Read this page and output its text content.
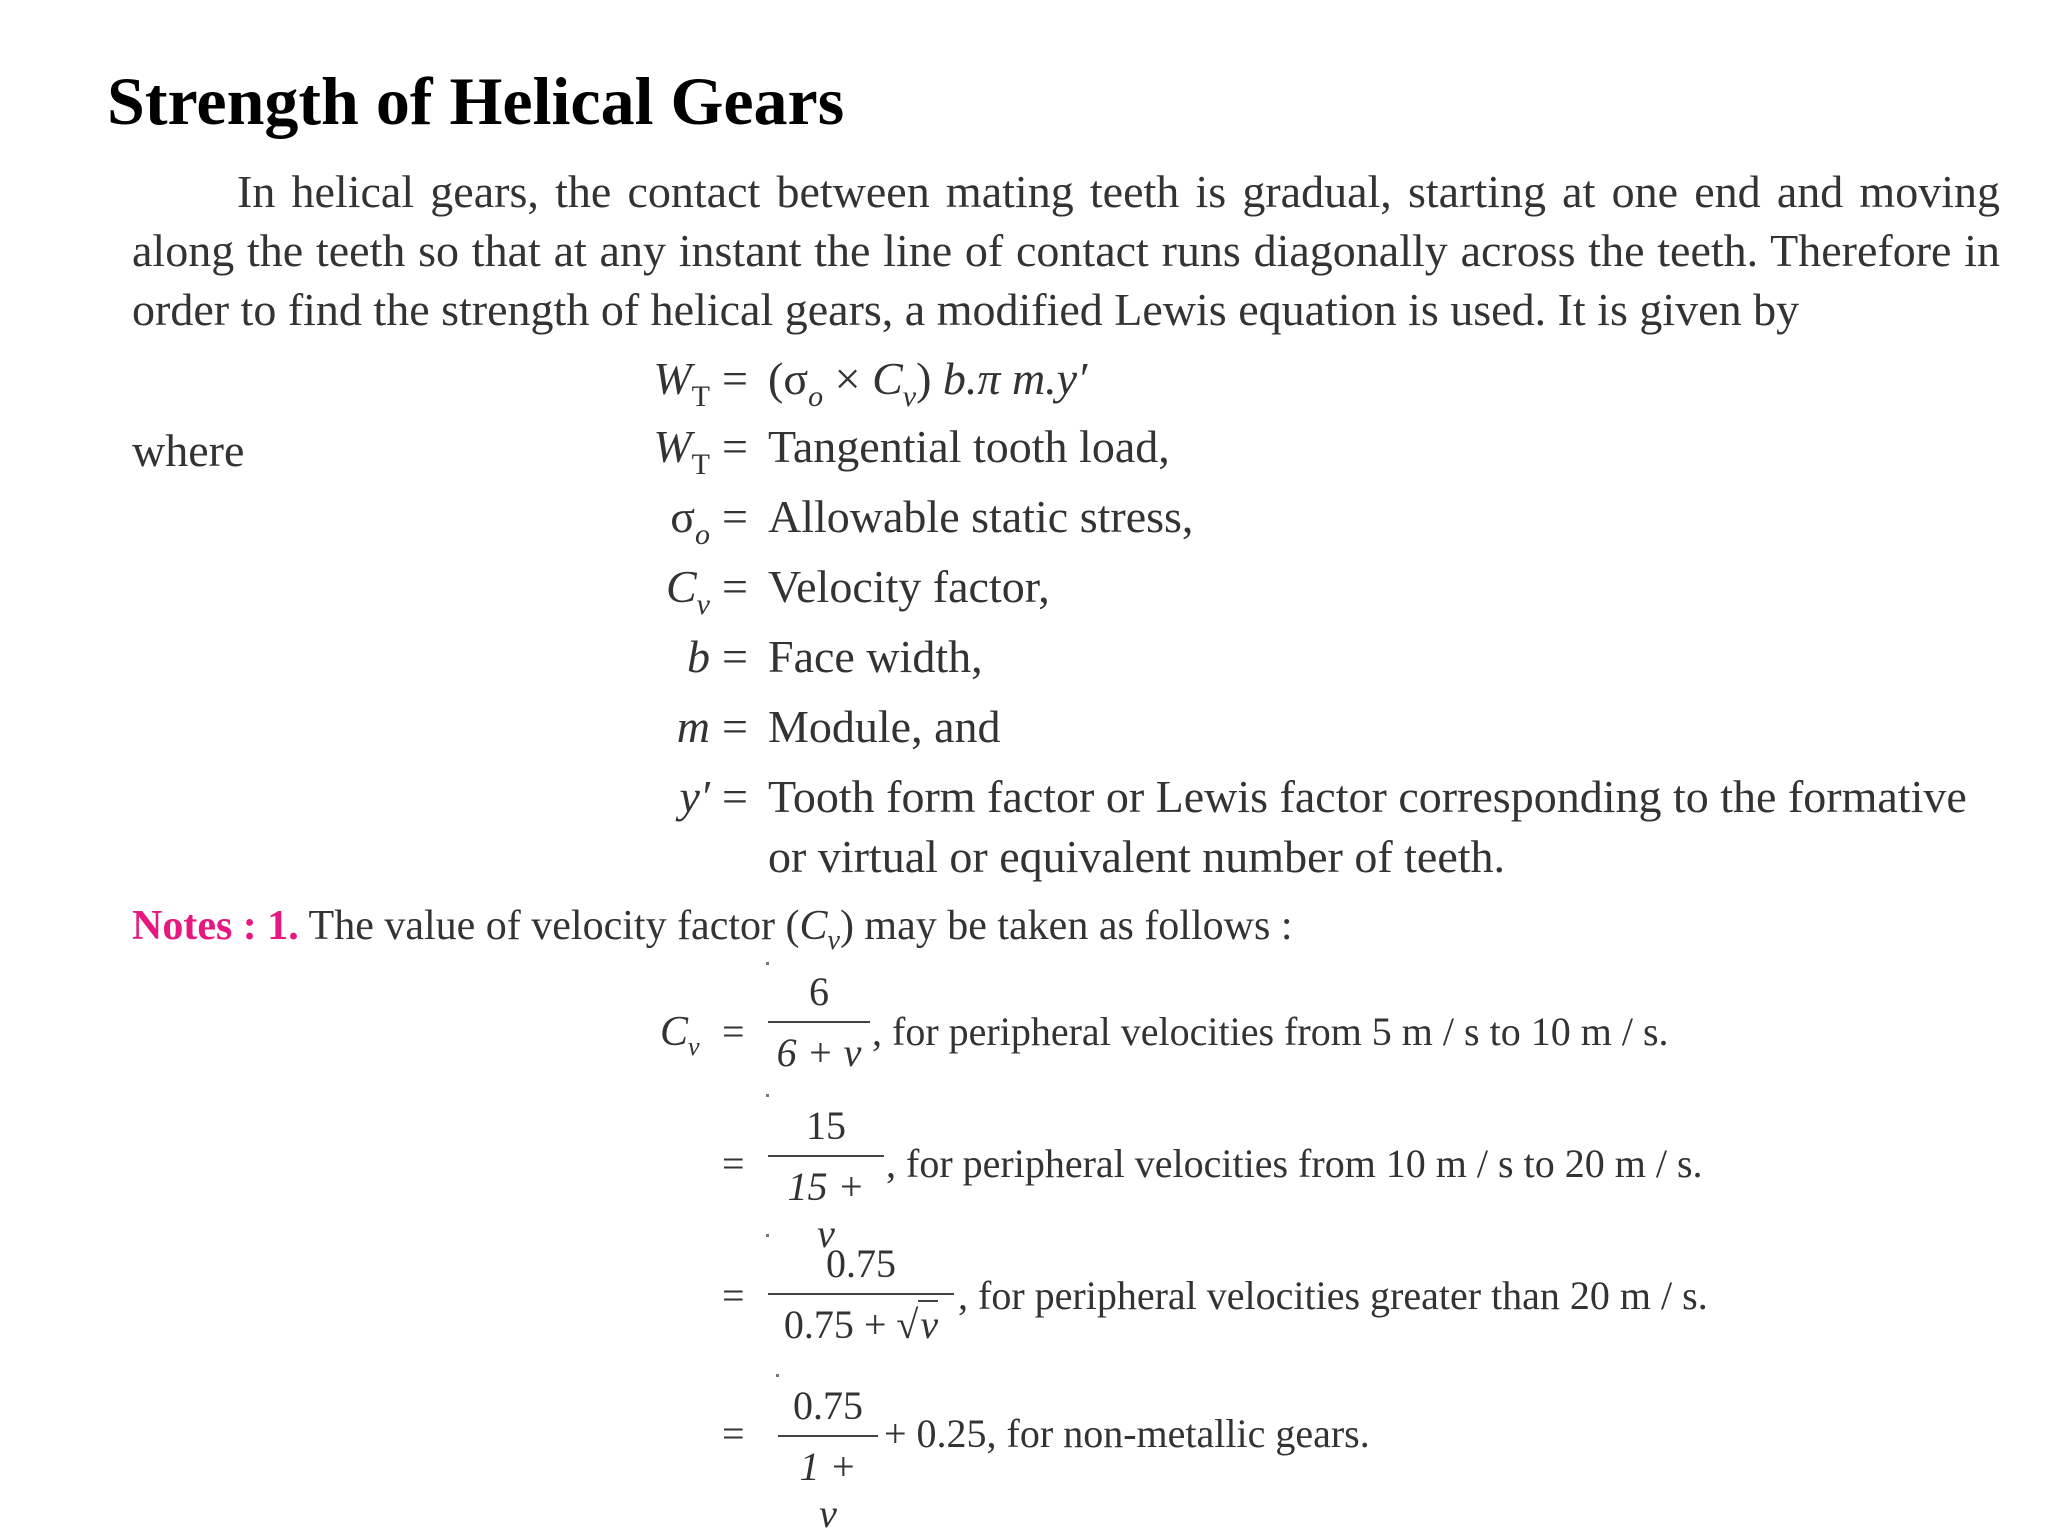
Strength of Helical Gears
In helical gears, the contact between mating teeth is gradual, starting at one end and moving
along the teeth so that at any instant the line of contact runs diagonally across the teeth. Therefore in
order to find the strength of helical gears, a modified Lewis equation is used. It is given by
$W_T = (\sigma_o \times C_v)$ b.π m.y′
where	$W_T$ = Tangential tooth load,
$\sigma_o$ = Allowable static stress,
$C_v$ = Velocity factor,
b = Face width,
m = Module, and
y′ = Tooth form factor or Lewis factor corresponding to the formative
or virtual or equivalent number of teeth.
Notes : 1. The value of velocity factor $(C_v)$ may be taken as follows :
$C_v$ =
6
6 + v , for peripheral velocities from 5 m / s to 10 m / s.
=
15
15 + v
, for peripheral velocities from 10 m / s to 20 m / s.
=
0.75
0.75 + √v
, for peripheral velocities greater than 20 m / s.
=
0.75
1 + v
+ 0.25, for non-metallic gears.
